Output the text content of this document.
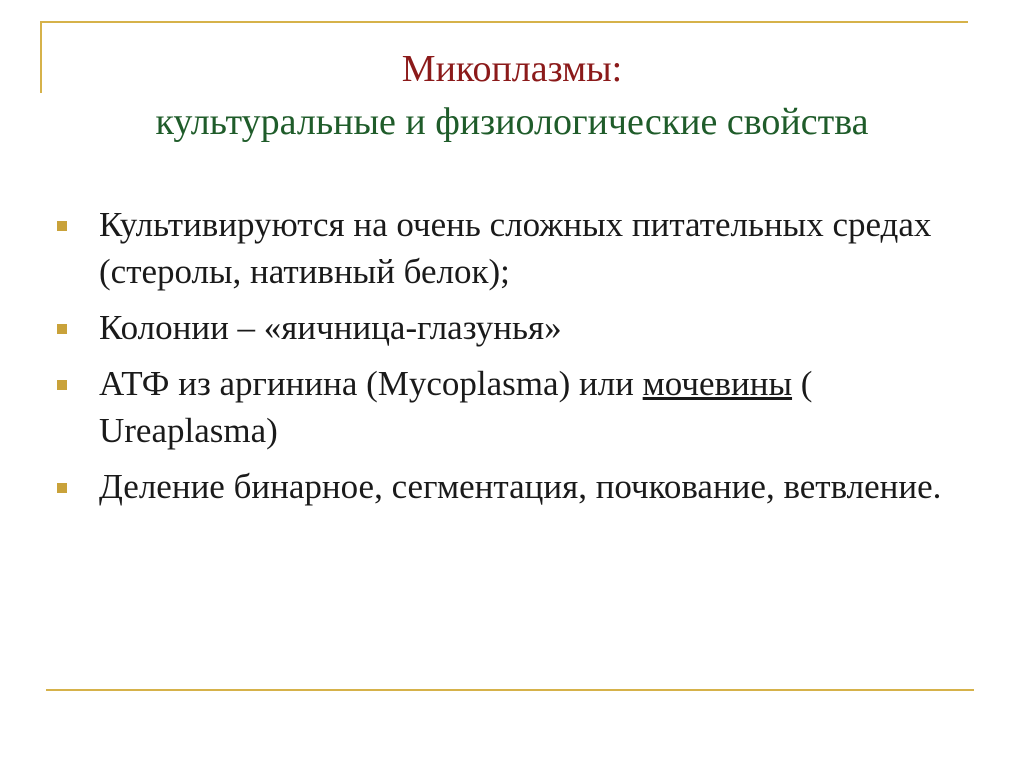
Микоплазмы:
культуральные и физиологические свойства
Культивируются на очень сложных питательных средах (стеролы, нативный белок);
Колонии – «яичница-глазунья»
АТФ из аргинина (Mycoplasma) или мочевины ( Ureaplasma)
Деление бинарное, сегментация, почкование, ветвление.
